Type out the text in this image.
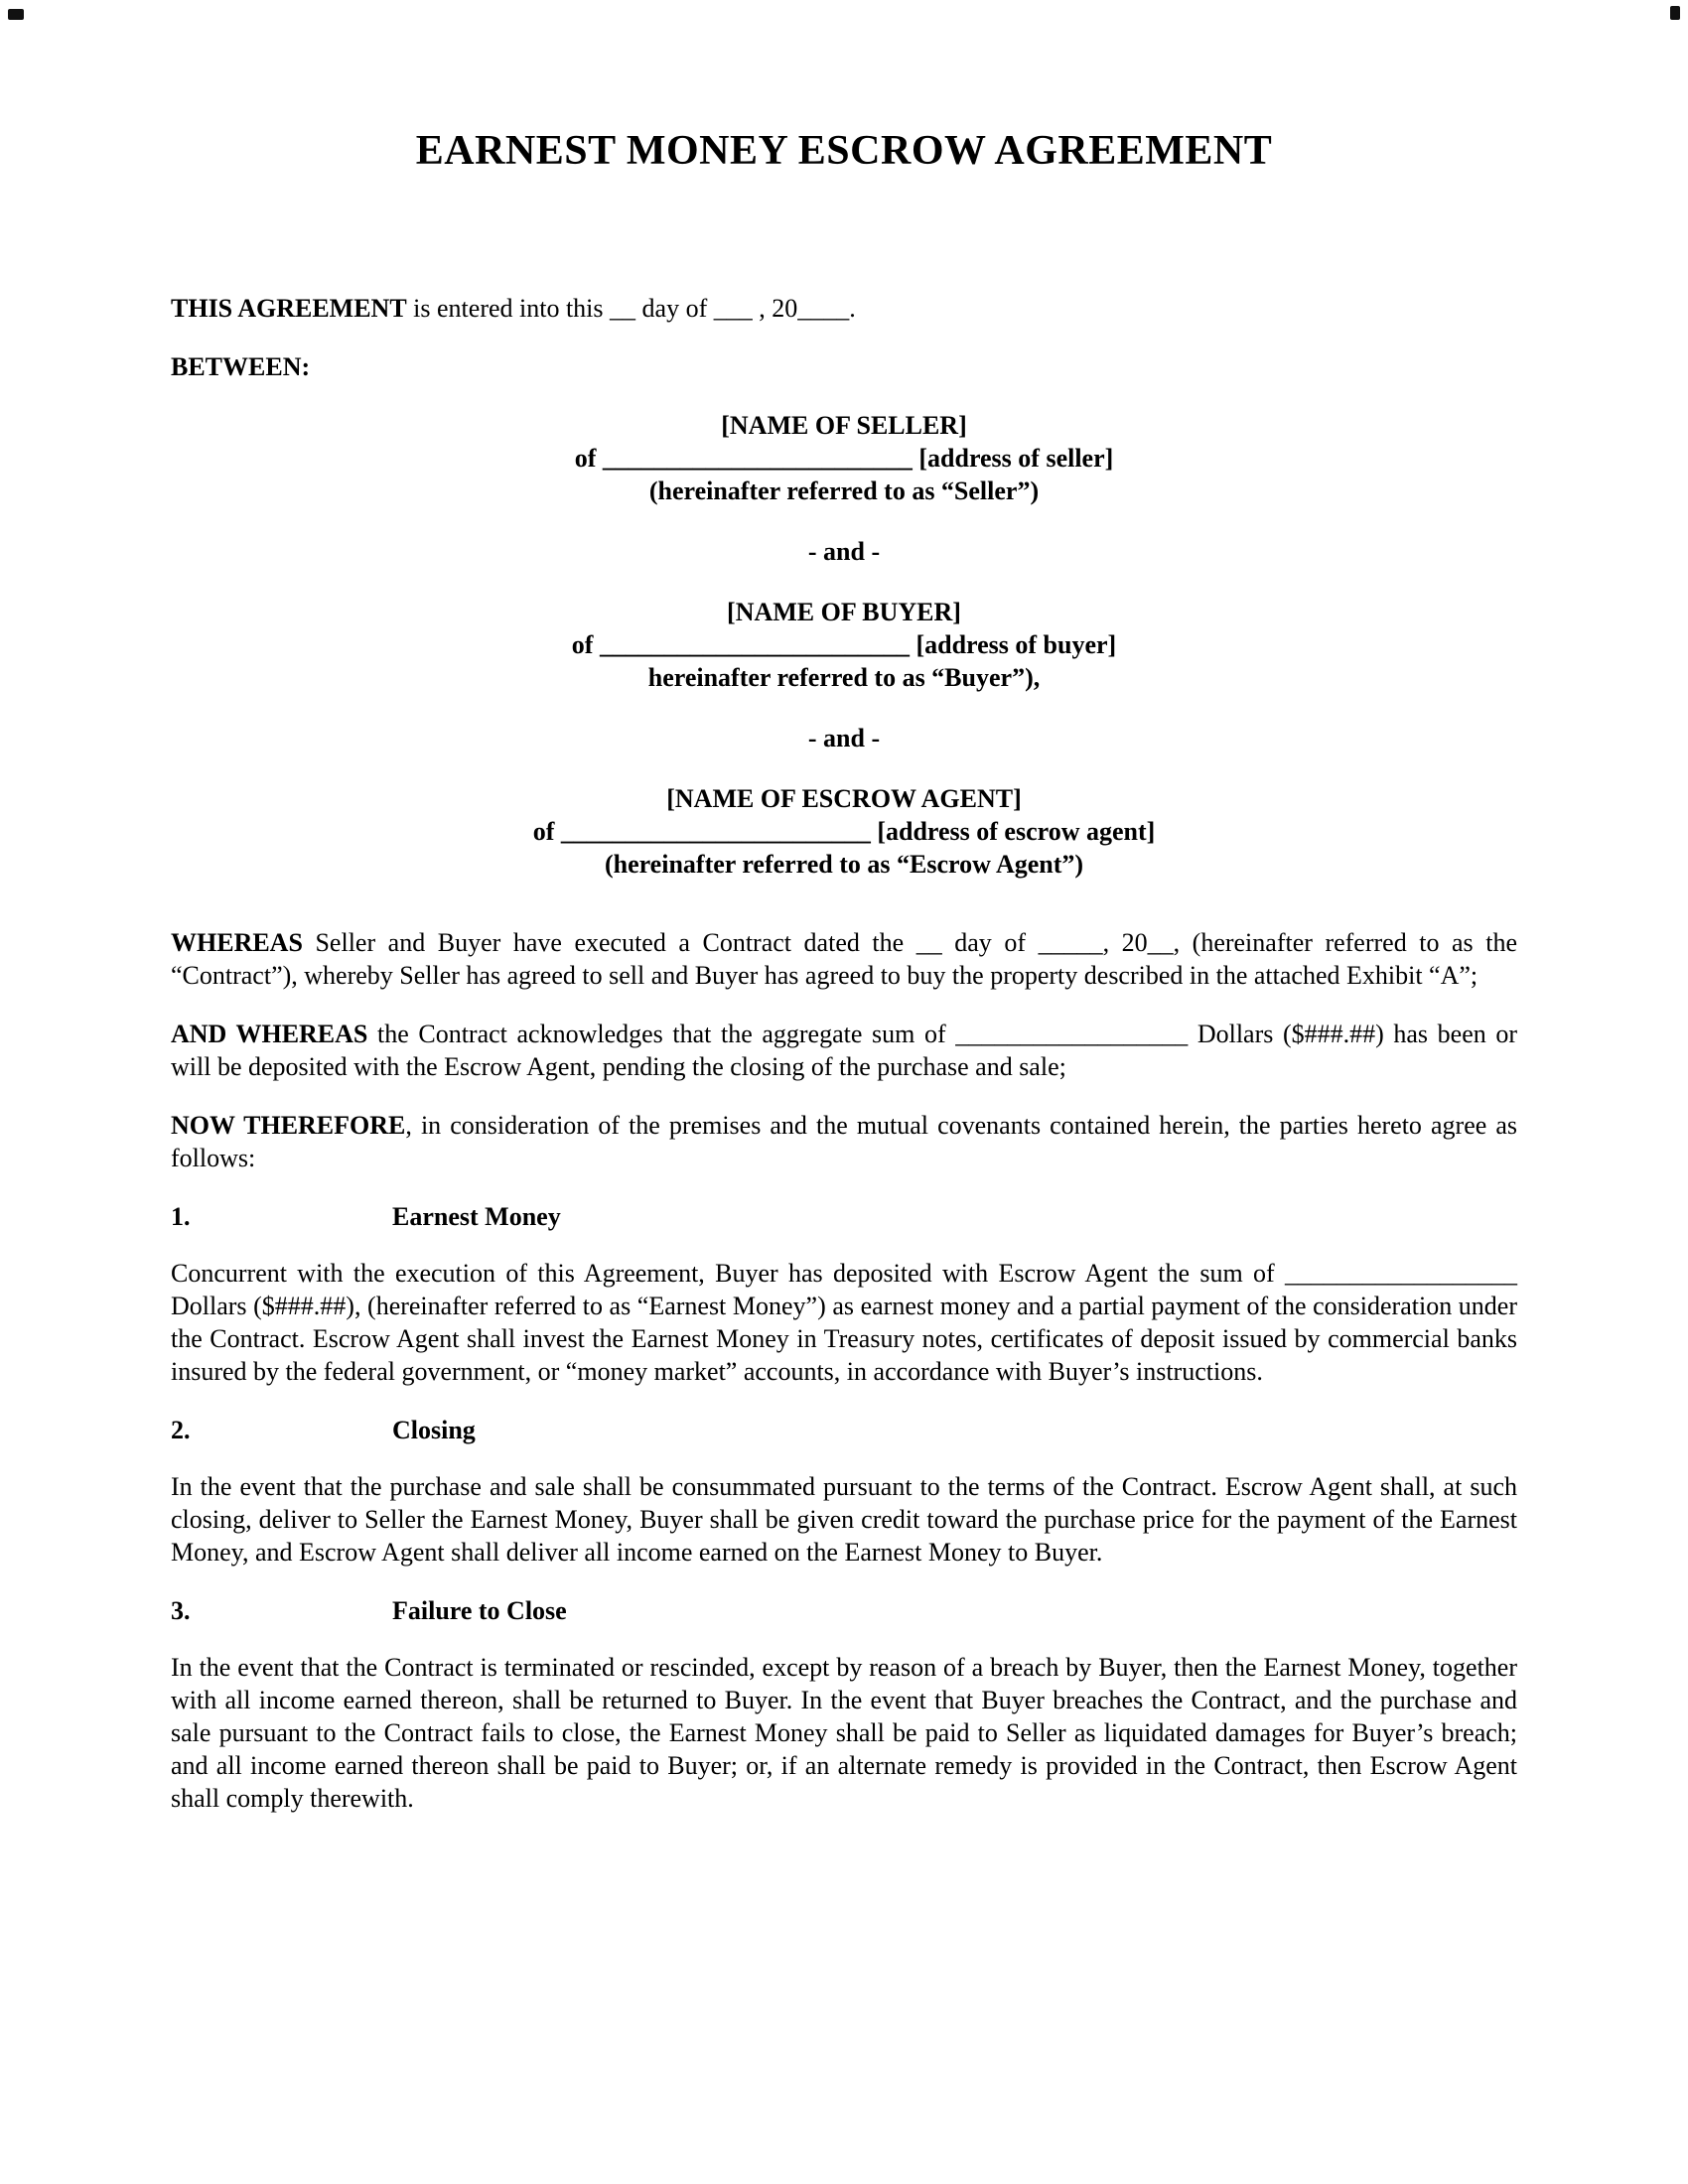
EARNEST MONEY ESCROW AGREEMENT

THIS AGREEMENT is entered into this __ day of ___ , 20____.

BETWEEN:

[NAME OF SELLER]
of ________________________ [address of seller]
(hereinafter referred to as “Seller”)
- and -
[NAME OF BUYER]
of ________________________ [address of buyer]
hereinafter referred to as “Buyer”),
- and -
[NAME OF ESCROW AGENT]
of ________________________ [address of escrow agent]
(hereinafter referred to as “Escrow Agent”)

WHEREAS Seller and Buyer have executed a Contract dated the __ day of _____, 20__, (hereinafter referred to as the “Contract”), whereby Seller has agreed to sell and Buyer has agreed to buy the property described in the attached Exhibit “A”;

AND WHEREAS the Contract acknowledges that the aggregate sum of __________________ Dollars ($###.##) has been or will be deposited with the Escrow Agent, pending the closing of the purchase and sale;

NOW THEREFORE, in consideration of the premises and the mutual covenants contained herein, the parties hereto agree as follows:

1.	Earnest Money

Concurrent with the execution of this Agreement, Buyer has deposited with Escrow Agent the sum of __________________ Dollars ($###.##), (hereinafter referred to as “Earnest Money”) as earnest money and a partial payment of the consideration under the Contract. Escrow Agent shall invest the Earnest Money in Treasury notes, certificates of deposit issued by commercial banks insured by the federal government, or “money market” accounts, in accordance with Buyer’s instructions.

2.	Closing

In the event that the purchase and sale shall be consummated pursuant to the terms of the Contract. Escrow Agent shall, at such closing, deliver to Seller the Earnest Money, Buyer shall be given credit toward the purchase price for the payment of the Earnest Money, and Escrow Agent shall deliver all income earned on the Earnest Money to Buyer.

3.	Failure to Close

In the event that the Contract is terminated or rescinded, except by reason of a breach by Buyer, then the Earnest Money, together with all income earned thereon, shall be returned to Buyer. In the event that Buyer breaches the Contract, and the purchase and sale pursuant to the Contract fails to close, the Earnest Money shall be paid to Seller as liquidated damages for Buyer’s breach; and all income earned thereon shall be paid to Buyer; or, if an alternate remedy is provided in the Contract, then Escrow Agent shall comply therewith.
